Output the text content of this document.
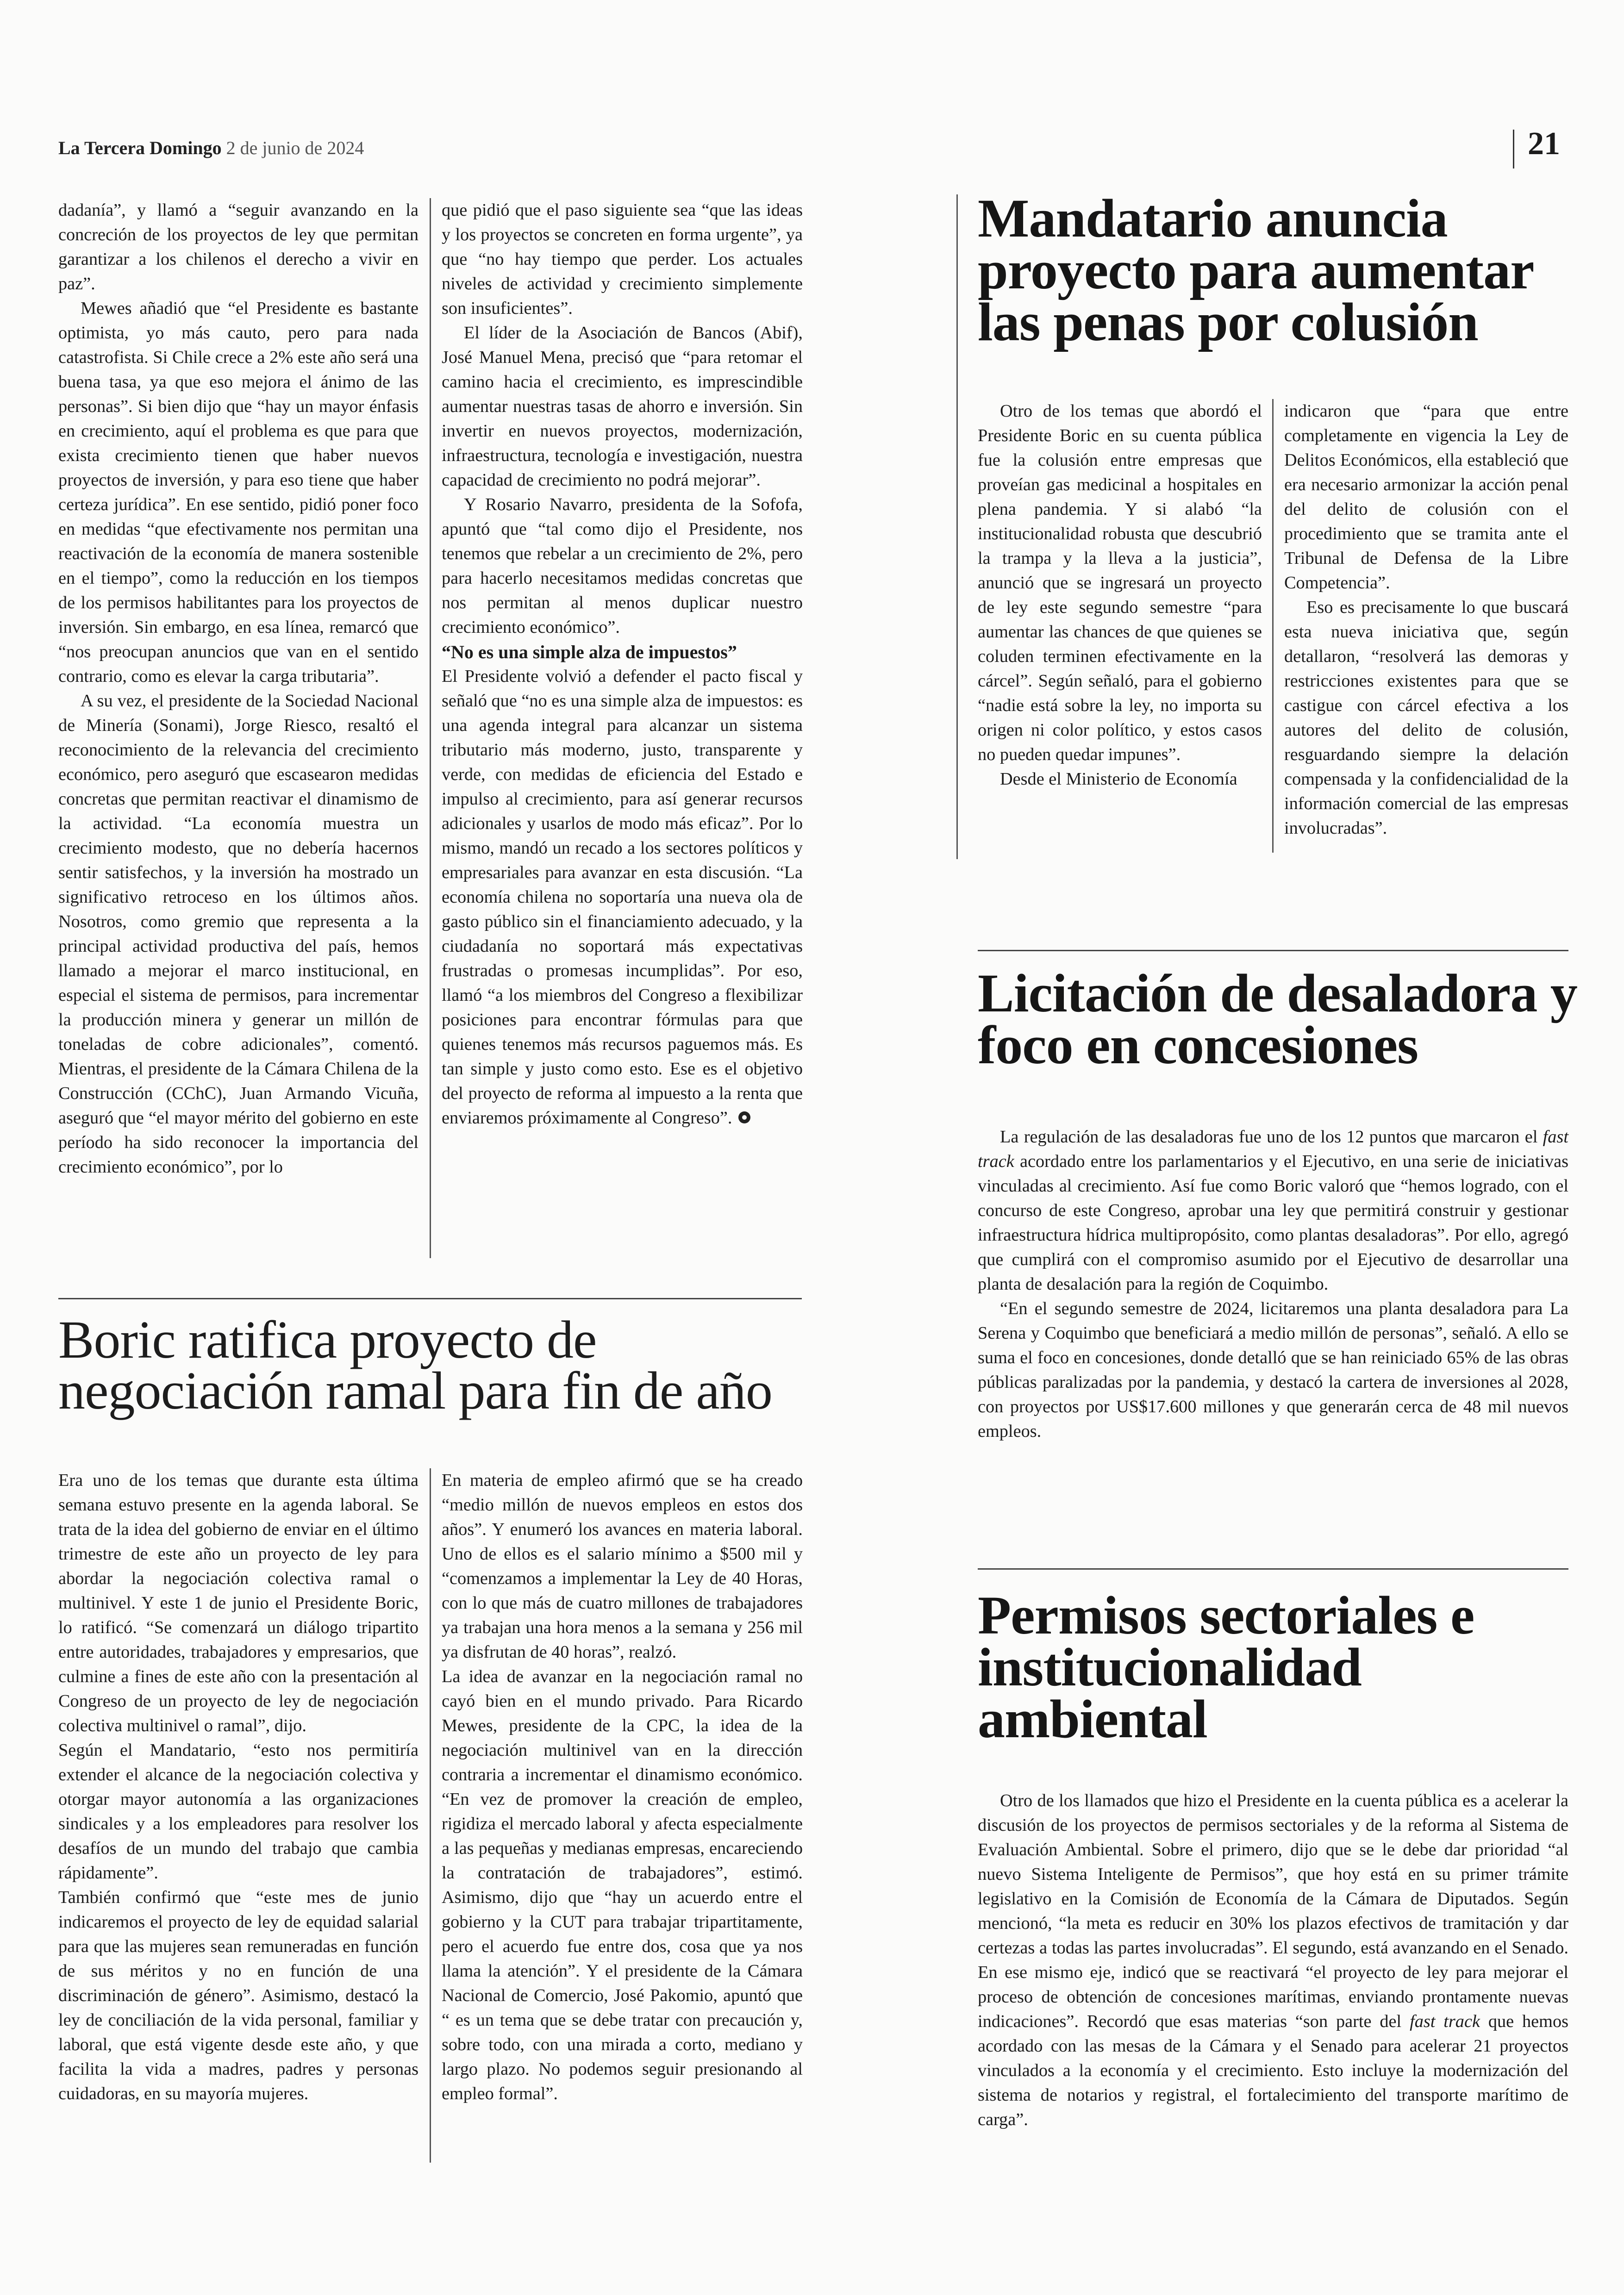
La Tercera Domingo 2 de junio de 2024	21

dadanía”, y llamó a “seguir avanzando en la concreción de los proyectos de ley que permitan garantizar a los chilenos el derecho a vivir en paz”.

Mewes añadió que “el Presidente es bastante optimista, yo más cauto, pero para nada catastrofista. Si Chile crece a 2% este año será una buena tasa, ya que eso mejora el ánimo de las personas”. Si bien dijo que “hay un mayor énfasis en crecimiento, aquí el problema es que para que exista crecimiento tienen que haber nuevos proyectos de inversión, y para eso tiene que haber certeza jurídica”. En ese sentido, pidió poner foco en medidas “que efectivamente nos permitan una reactivación de la economía de manera sostenible en el tiempo”, como la reducción en los tiempos de los permisos habilitantes para los proyectos de inversión. Sin embargo, en esa línea, remarcó que “nos preocupan anuncios que van en el sentido contrario, como es elevar la carga tributaria”.

A su vez, el presidente de la Sociedad Nacional de Minería (Sonami), Jorge Riesco, resaltó el reconocimiento de la relevancia del crecimiento económico, pero aseguró que escasearon medidas concretas que permitan reactivar el dinamismo de la actividad. “La economía muestra un crecimiento modesto, que no debería hacernos sentir satisfechos, y la inversión ha mostrado un significativo retroceso en los últimos años. Nosotros, como gremio que representa a la principal actividad productiva del país, hemos llamado a mejorar el marco institucional, en especial el sistema de permisos, para incrementar la producción minera y generar un millón de toneladas de cobre adicionales”, comentó. Mientras, el presidente de la Cámara Chilena de la Construcción (CChC), Juan Armando Vicuña, aseguró que “el mayor mérito del gobierno en este período ha sido reconocer la importancia del crecimiento económico”, por lo

que pidió que el paso siguiente sea “que las ideas y los proyectos se concreten en forma urgente”, ya que “no hay tiempo que perder. Los actuales niveles de actividad y crecimiento simplemente son insuficientes”.

El líder de la Asociación de Bancos (Abif), José Manuel Mena, precisó que “para retomar el camino hacia el crecimiento, es imprescindible aumentar nuestras tasas de ahorro e inversión. Sin invertir en nuevos proyectos, modernización, infraestructura, tecnología e investigación, nuestra capacidad de crecimiento no podrá mejorar”.

Y Rosario Navarro, presidenta de la Sofofa, apuntó que “tal como dijo el Presidente, nos tenemos que rebelar a un crecimiento de 2%, pero para hacerlo necesitamos medidas concretas que nos permitan al menos duplicar nuestro crecimiento económico”.

“No es una simple alza de impuestos”

El Presidente volvió a defender el pacto fiscal y señaló que “no es una simple alza de impuestos: es una agenda integral para alcanzar un sistema tributario más moderno, justo, transparente y verde, con medidas de eficiencia del Estado e impulso al crecimiento, para así generar recursos adicionales y usarlos de modo más eficaz”. Por lo mismo, mandó un recado a los sectores políticos y empresariales para avanzar en esta discusión. “La economía chilena no soportaría una nueva ola de gasto público sin el financiamiento adecuado, y la ciudadanía no soportará más expectativas frustradas o promesas incumplidas”. Por eso, llamó “a los miembros del Congreso a flexibilizar posiciones para encontrar fórmulas para que quienes tenemos más recursos paguemos más. Es tan simple y justo como esto. Ese es el objetivo del proyecto de reforma al impuesto a la renta que enviaremos próximamente al Congreso”.

Boric ratifica proyecto de negociación ramal para fin de año

Era uno de los temas que durante esta última semana estuvo presente en la agenda laboral. Se trata de la idea del gobierno de enviar en el último trimestre de este año un proyecto de ley para abordar la negociación colectiva ramal o multinivel. Y este 1 de junio el Presidente Boric, lo ratificó. “Se comenzará un diálogo tripartito entre autoridades, trabajadores y empresarios, que culmine a fines de este año con la presentación al Congreso de un proyecto de ley de negociación colectiva multinivel o ramal”, dijo.

Según el Mandatario, “esto nos permitiría extender el alcance de la negociación colectiva y otorgar mayor autonomía a las organizaciones sindicales y a los empleadores para resolver los desafíos de un mundo del trabajo que cambia rápidamente”.

También confirmó que “este mes de junio indicaremos el proyecto de ley de equidad salarial para que las mujeres sean remuneradas en función de sus méritos y no en función de una discriminación de género”. Asimismo, destacó la ley de conciliación de la vida personal, familiar y laboral, que está vigente desde este año, y que facilita la vida a madres, padres y personas cuidadoras, en su mayoría mujeres.

En materia de empleo afirmó que se ha creado “medio millón de nuevos empleos en estos dos años”. Y enumeró los avances en materia laboral. Uno de ellos es el salario mínimo a $500 mil y “comenzamos a implementar la Ley de 40 Horas, con lo que más de cuatro millones de trabajadores ya trabajan una hora menos a la semana y 256 mil ya disfrutan de 40 horas”, realzó.

La idea de avanzar en la negociación ramal no cayó bien en el mundo privado. Para Ricardo Mewes, presidente de la CPC, la idea de la negociación multinivel van en la dirección contraria a incrementar el dinamismo económico. “En vez de promover la creación de empleo, rigidiza el mercado laboral y afecta especialmente a las pequeñas y medianas empresas, encareciendo la contratación de trabajadores”, estimó. Asimismo, dijo que “hay un acuerdo entre el gobierno y la CUT para trabajar tripartitamente, pero el acuerdo fue entre dos, cosa que ya nos llama la atención”. Y el presidente de la Cámara Nacional de Comercio, José Pakomio, apuntó que “ es un tema que se debe tratar con precaución y, sobre todo, con una mirada a corto, mediano y largo plazo. No podemos seguir presionando al empleo formal”.

Mandatario anuncia proyecto para aumentar las penas por colusión

Otro de los temas que abordó el Presidente Boric en su cuenta pública fue la colusión entre empresas que proveían gas medicinal a hospitales en plena pandemia. Y si alabó “la institucionalidad robusta que descubrió la trampa y la lleva a la justicia”, anunció que se ingresará un proyecto de ley este segundo semestre “para aumentar las chances de que quienes se coluden terminen efectivamente en la cárcel”. Según señaló, para el gobierno “nadie está sobre la ley, no importa su origen ni color político, y estos casos no pueden quedar impunes”.

Desde el Ministerio de Economía

indicaron que “para que entre completamente en vigencia la Ley de Delitos Económicos, ella estableció que era necesario armonizar la acción penal del delito de colusión con el procedimiento que se tramita ante el Tribunal de Defensa de la Libre Competencia”.

Eso es precisamente lo que buscará esta nueva iniciativa que, según detallaron, “resolverá las demoras y restricciones existentes para que se castigue con cárcel efectiva a los autores del delito de colusión, resguardando siempre la delación compensada y la confidencialidad de la información comercial de las empresas involucradas”.

Licitación de desaladora y foco en concesiones

La regulación de las desaladoras fue uno de los 12 puntos que marcaron el fast track acordado entre los parlamentarios y el Ejecutivo, en una serie de iniciativas vinculadas al crecimiento. Así fue como Boric valoró que “hemos logrado, con el concurso de este Congreso, aprobar una ley que permitirá construir y gestionar infraestructura hídrica multipropósito, como plantas desaladoras”. Por ello, agregó que cumplirá con el compromiso asumido por el Ejecutivo de desarrollar una planta de desalación para la región de Coquimbo.

“En el segundo semestre de 2024, licitaremos una planta desaladora para La Serena y Coquimbo que beneficiará a medio millón de personas”, señaló. A ello se suma el foco en concesiones, donde detalló que se han reiniciado 65% de las obras públicas paralizadas por la pandemia, y destacó la cartera de inversiones al 2028, con proyectos por US$17.600 millones y que generarán cerca de 48 mil nuevos empleos.

Permisos sectoriales e institucionalidad ambiental

Otro de los llamados que hizo el Presidente en la cuenta pública es a acelerar la discusión de los proyectos de permisos sectoriales y de la reforma al Sistema de Evaluación Ambiental. Sobre el primero, dijo que se le debe dar prioridad “al nuevo Sistema Inteligente de Permisos”, que hoy está en su primer trámite legislativo en la Comisión de Economía de la Cámara de Diputados. Según mencionó, “la meta es reducir en 30% los plazos efectivos de tramitación y dar certezas a todas las partes involucradas”. El segundo, está avanzando en el Senado. En ese mismo eje, indicó que se reactivará “el proyecto de ley para mejorar el proceso de obtención de concesiones marítimas, enviando prontamente nuevas indicaciones”. Recordó que esas materias “son parte del fast track que hemos acordado con las mesas de la Cámara y el Senado para acelerar 21 proyectos vinculados a la economía y el crecimiento. Esto incluye la modernización del sistema de notarios y registral, el fortalecimiento del transporte marítimo de carga”.
